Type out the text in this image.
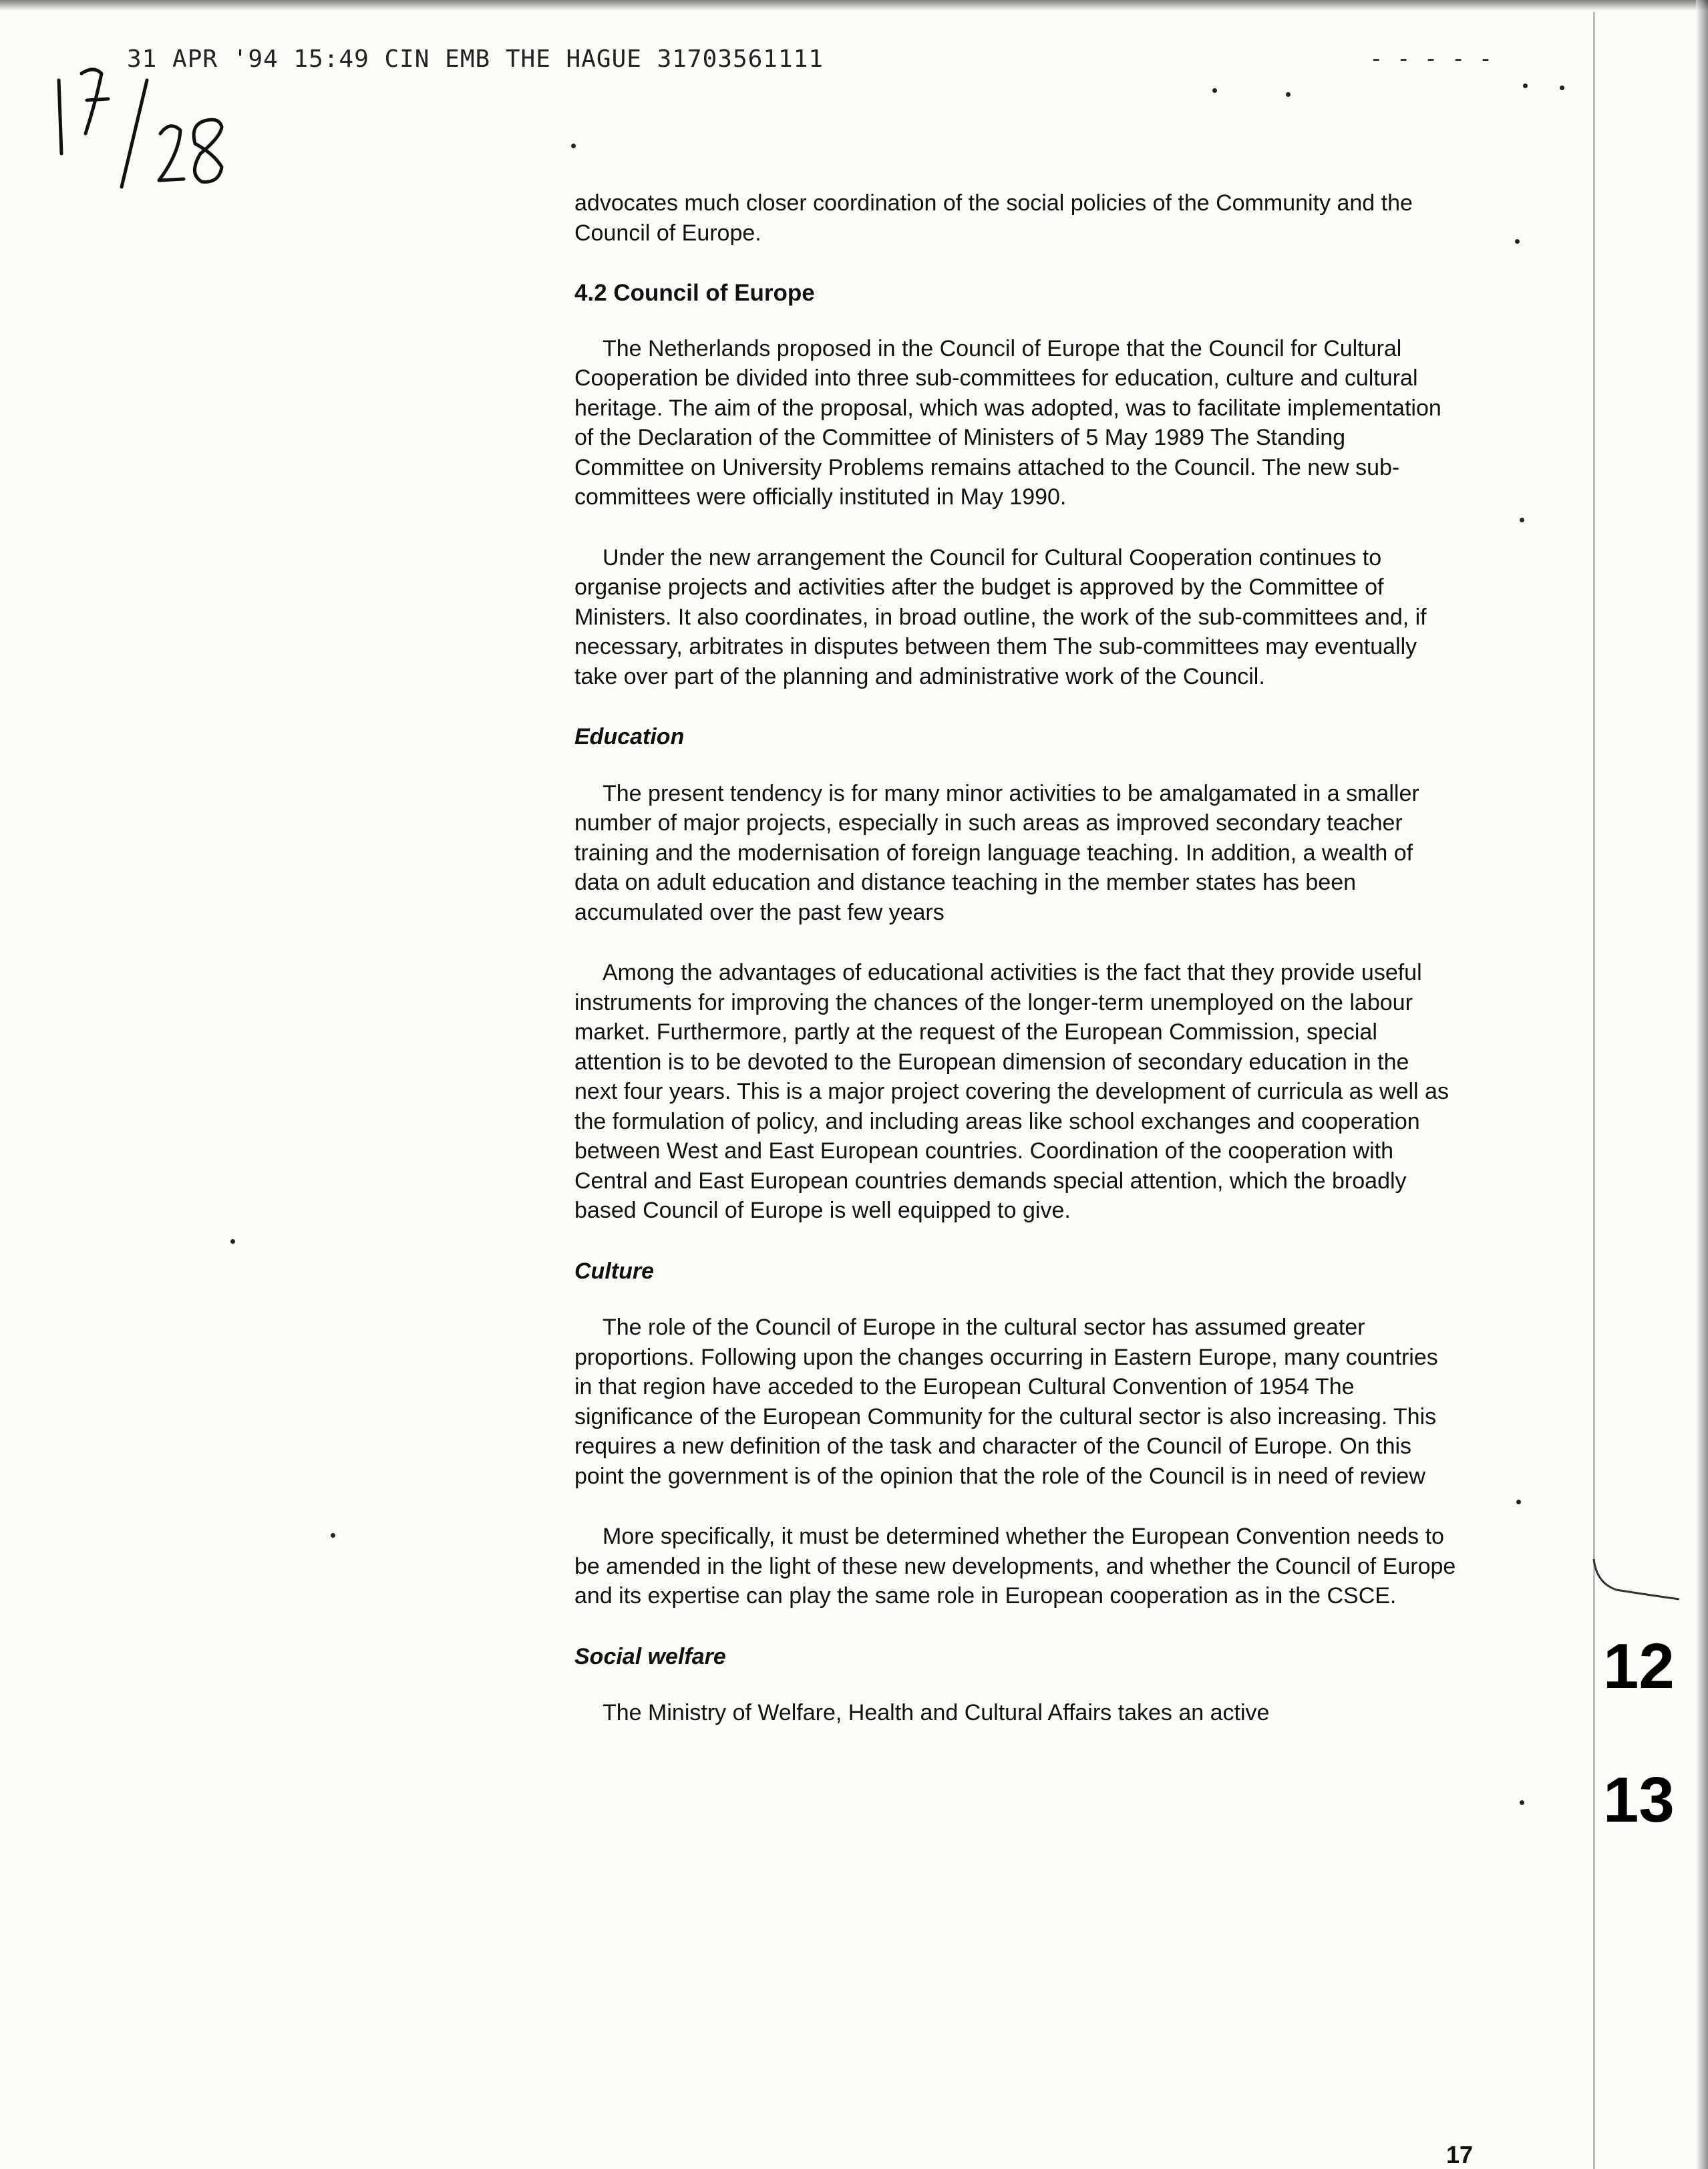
31 APR '94 15:49 CIN EMB THE HAGUE 31703561111	- - - - -

advocates much closer coordination of the social policies of the Community and the Council of Europe.

4.2 Council of Europe

The Netherlands proposed in the Council of Europe that the Council for Cultural Cooperation be divided into three sub-committees for education, culture and cultural heritage. The aim of the proposal, which was adopted, was to facilitate implementation of the Declaration of the Committee of Ministers of 5 May 1989 The Standing Committee on University Problems remains attached to the Council. The new sub-committees were officially instituted in May 1990.

Under the new arrangement the Council for Cultural Cooperation continues to organise projects and activities after the budget is approved by the Committee of Ministers. It also coordinates, in broad outline, the work of the sub-committees and, if necessary, arbitrates in disputes between them The sub-committees may eventually take over part of the planning and administrative work of the Council.

Education

The present tendency is for many minor activities to be amalgamated in a smaller number of major projects, especially in such areas as improved secondary teacher training and the modernisation of foreign language teaching. In addition, a wealth of data on adult education and distance teaching in the member states has been accumulated over the past few years

Among the advantages of educational activities is the fact that they provide useful instruments for improving the chances of the longer-term unemployed on the labour market. Furthermore, partly at the request of the European Commission, special attention is to be devoted to the European dimension of secondary education in the next four years. This is a major project covering the development of curricula as well as the formulation of policy, and including areas like school exchanges and cooperation between West and East European countries. Coordination of the cooperation with Central and East European countries demands special attention, which the broadly based Council of Europe is well equipped to give.

Culture

The role of the Council of Europe in the cultural sector has assumed greater proportions. Following upon the changes occurring in Eastern Europe, many countries in that region have acceded to the European Cultural Convention of 1954 The significance of the European Community for the cultural sector is also increasing. This requires a new definition of the task and character of the Council of Europe. On this point the government is of the opinion that the role of the Council is in need of review

More specifically, it must be determined whether the European Convention needs to be amended in the light of these new developments, and whether the Council of Europe and its expertise can play the same role in European cooperation as in the CSCE.

Social welfare

The Ministry of Welfare, Health and Cultural Affairs takes an active

12
13
17
